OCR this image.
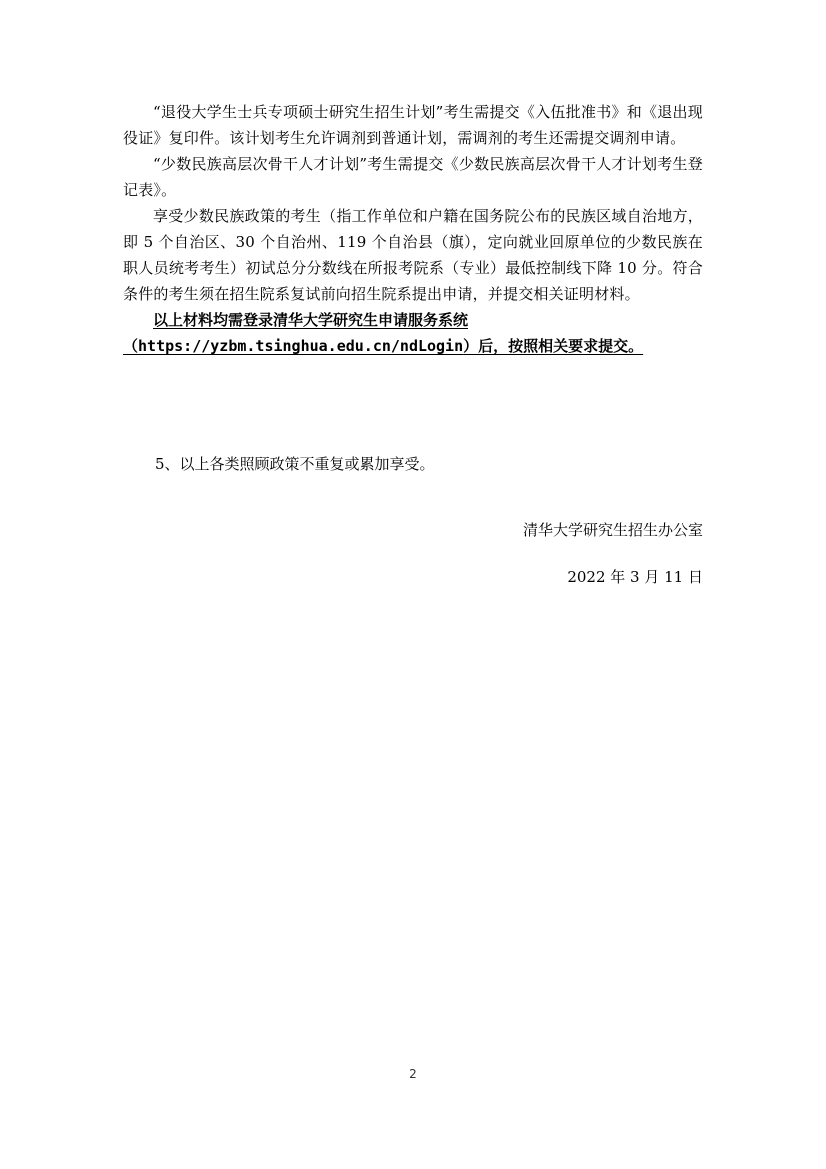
“退役大学生士兵专项硕士研究生招生计划”考生需提交《入伍批准书》和《退出现役证》复印件。该计划考生允许调剂到普通计划，需调剂的考生还需提交调剂申请。

“少数民族高层次骨干人才计划”考生需提交《少数民族高层次骨干人才计划考生登记表》。

享受少数民族政策的考生（指工作单位和户籍在国务院公布的民族区域自治地方，即 5 个自治区、30 个自治州、119 个自治县（旗），定向就业回原单位的少数民族在职人员统考考生）初试总分分数线在所报考院系（专业）最低控制线下降 10 分。符合条件的考生须在招生院系复试前向招生院系提出申请，并提交相关证明材料。

以上材料均需登录清华大学研究生申请服务系统
（https://yzbm.tsinghua.edu.cn/ndLogin）后，按照相关要求提交。

5、以上各类照顾政策不重复或累加享受。

清华大学研究生招生办公室

2022 年 3 月 11 日

2
